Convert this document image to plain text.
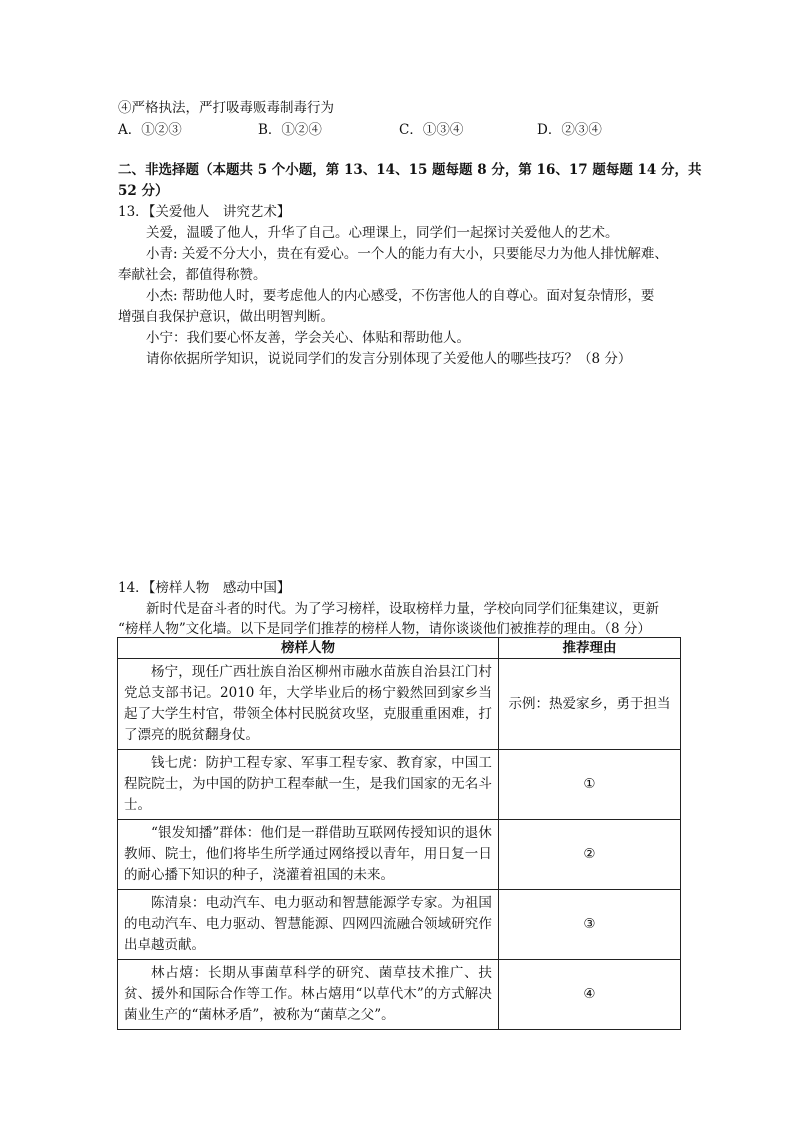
④严格执法，严打吸毒贩毒制毒行为
A．①②③	B．①②④	C．①③④	D．②③④
二、非选择题（本题共 5 个小题，第 13、14、15 题每题 8 分，第 16、17 题每题 14 分，共
52 分）
13．【关爱他人　讲究艺术】
关爱，温暖了他人，升华了自己。心理课上，同学们一起探讨关爱他人的艺术。
小青: 关爱不分大小，贵在有爱心。一个人的能力有大小，只要能尽力为他人排忧解难、
奉献社会，都值得称赞。
小杰: 帮助他人时，要考虑他人的内心感受，不伤害他人的自尊心。面对复杂情形，要
增强自我保护意识，做出明智判断。
小宁：我们要心怀友善，学会关心、体贴和帮助他人。
请你依据所学知识，说说同学们的发言分别体现了关爱他人的哪些技巧？（8 分）
14．【榜样人物　感动中国】
新时代是奋斗者的时代。为了学习榜样，设取榜样力量，学校向同学们征集建议，更新
“榜样人物”文化墙。以下是同学们推荐的榜样人物，请你谈谈他们被推荐的理由。（8 分）
榜样人物	推荐理由
杨宁，现任广西壮族自治区柳州市融水苗族自治县江门村党总支部书记。2010 年，大学毕业后的杨宁毅然回到家乡当起了大学生村官，带领全体村民脱贫攻坚，克服重重困难，打了漂亮的脱贫翻身仗。	示例：热爱家乡，勇于担当
钱七虎：防护工程专家、军事工程专家、教育家，中国工程院院士，为中国的防护工程奉献一生，是我们国家的无名斗士。	①
“银发知播”群体：他们是一群借助互联网传授知识的退休教师、院士，他们将毕生所学通过网络授以青年，用日复一日的耐心播下知识的种子，浇灌着祖国的未来。	②
陈清泉：电动汽车、电力驱动和智慧能源学专家。为祖国的电动汽车、电力驱动、智慧能源、四网四流融合领域研究作出卓越贡献。	③
林占熺：长期从事菌草科学的研究、菌草技术推广、扶贫、援外和国际合作等工作。林占熺用“以草代木”的方式解决菌业生产的“菌林矛盾”，被称为“菌草之父”。	④
